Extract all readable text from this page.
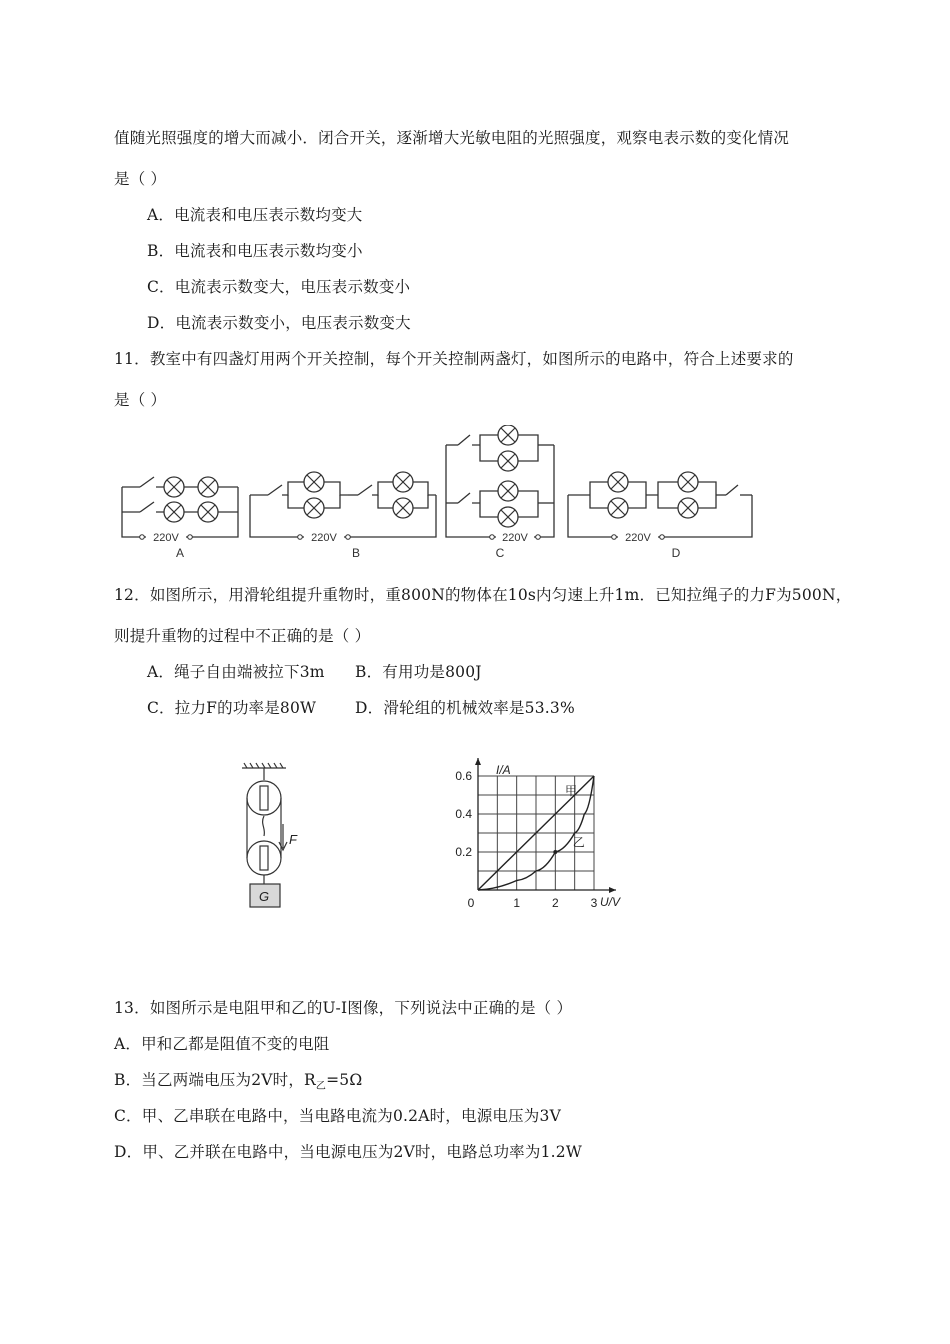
值随光照强度的增大而减小．闭合开关，逐渐增大光敏电阻的光照强度，观察电表示数的变化情况
是（ ）
A．电流表和电压表示数均变大
B．电流表和电压表示数均变小
C．电流表示数变大，电压表示数变小
D．电流表示数变小，电压表示数变大
11．教室中有四盏灯用两个开关控制，每个开关控制两盏灯，如图所示的电路中，符合上述要求的
是（ ）
220V	220V	220V	220V
A	B	C	D
12．如图所示，用滑轮组提升重物时，重800N的物体在10s内匀速上升1m．已知拉绳子的力F为500N，
则提升重物的过程中不正确的是（ ）
A．绳子自由端被拉下3m B．有用功是800J
C．拉力F的功率是80W	D．滑轮组的机械效率是53.3%
F
G	0	1	2	3
0.2
0.4
0.6
甲
乙
I/A
U/V
13．如图所示是电阻甲和乙的U-I图像，下列说法中正确的是（ ）
A．甲和乙都是阻值不变的电阻
B．当乙两端电压为2V时，$R_乙=5\Omega$
C．甲、乙串联在电路中，当电路电流为0.2A时，电源电压为3V
D．甲、乙并联在电路中，当电源电压为2V时，电路总功率为1.2W
